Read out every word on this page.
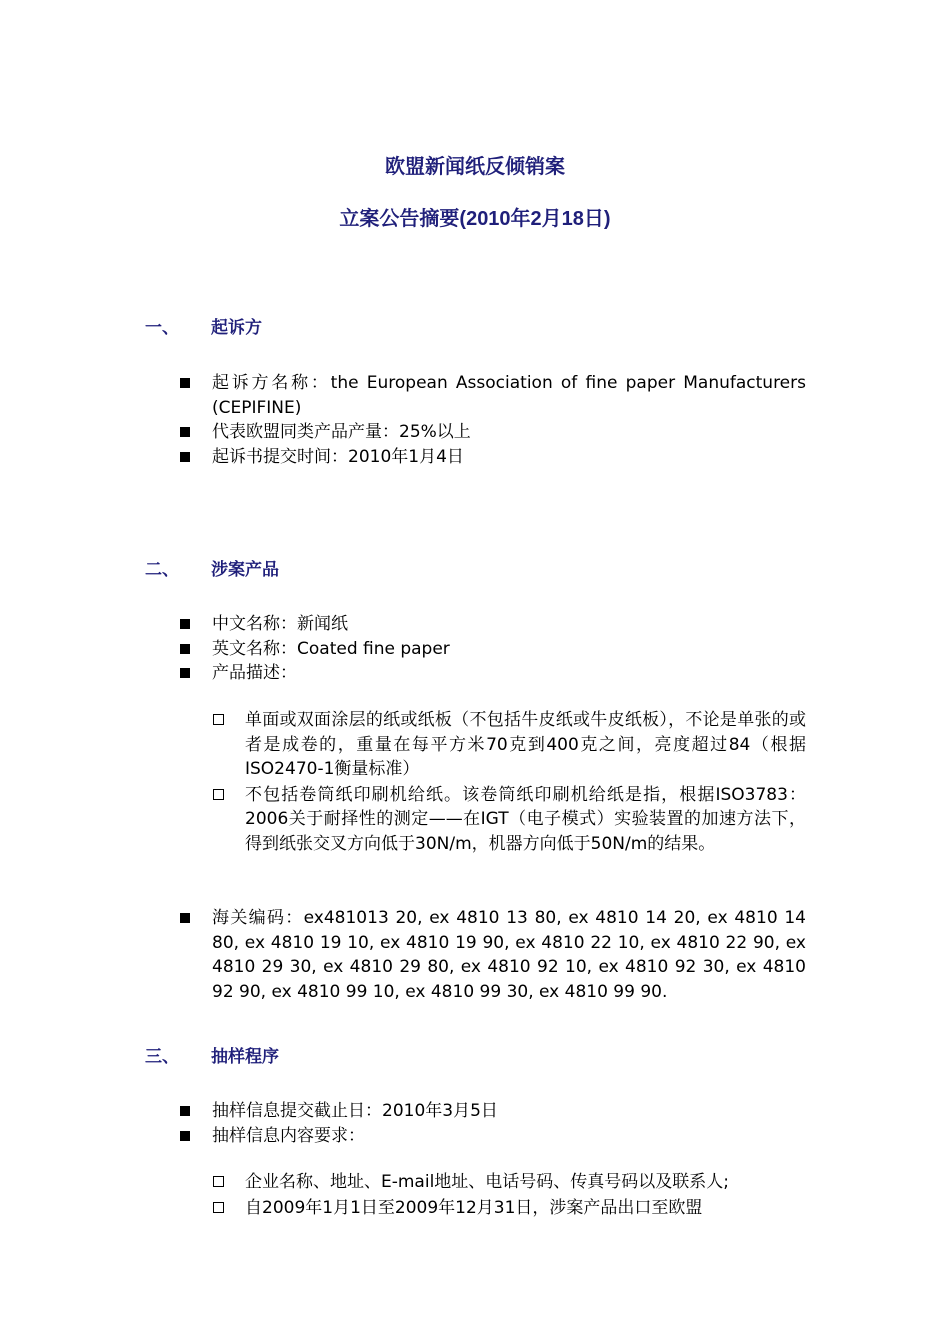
欧盟新闻纸反倾销案
立案公告摘要(2010年2月18日)
一、 起诉方
起诉方名称：the European Association of fine paper Manufacturers (CEPIFINE)
代表欧盟同类产品产量：25%以上
起诉书提交时间：2010年1月4日
二、 涉案产品
中文名称：新闻纸
英文名称：Coated fine paper
产品描述：
单面或双面涂层的纸或纸板（不包括牛皮纸或牛皮纸板），不论是单张的或者是成卷的，重量在每平方米70克到400克之间，亮度超过84（根据ISO2470-1衡量标准）
不包括卷筒纸印刷机给纸。该卷筒纸印刷机给纸是指，根据ISO3783：2006关于耐择性的测定——在IGT（电子模式）实验装置的加速方法下，得到纸张交叉方向低于30N/m，机器方向低于50N/m的结果。
海关编码：ex481013 20, ex 4810 13 80, ex 4810 14 20, ex 4810 14 80, ex 4810 19 10, ex 4810 19 90, ex 4810 22 10, ex 4810 22 90, ex 4810 29 30, ex 4810 29 80, ex 4810 92 10, ex 4810 92 30, ex 4810 92 90, ex 4810 99 10, ex 4810 99 30, ex 4810 99 90.
三、 抽样程序
抽样信息提交截止日：2010年3月5日
抽样信息内容要求：
企业名称、地址、E-mail地址、电话号码、传真号码以及联系人;
自2009年1月1日至2009年12月31日，涉案产品出口至欧盟
